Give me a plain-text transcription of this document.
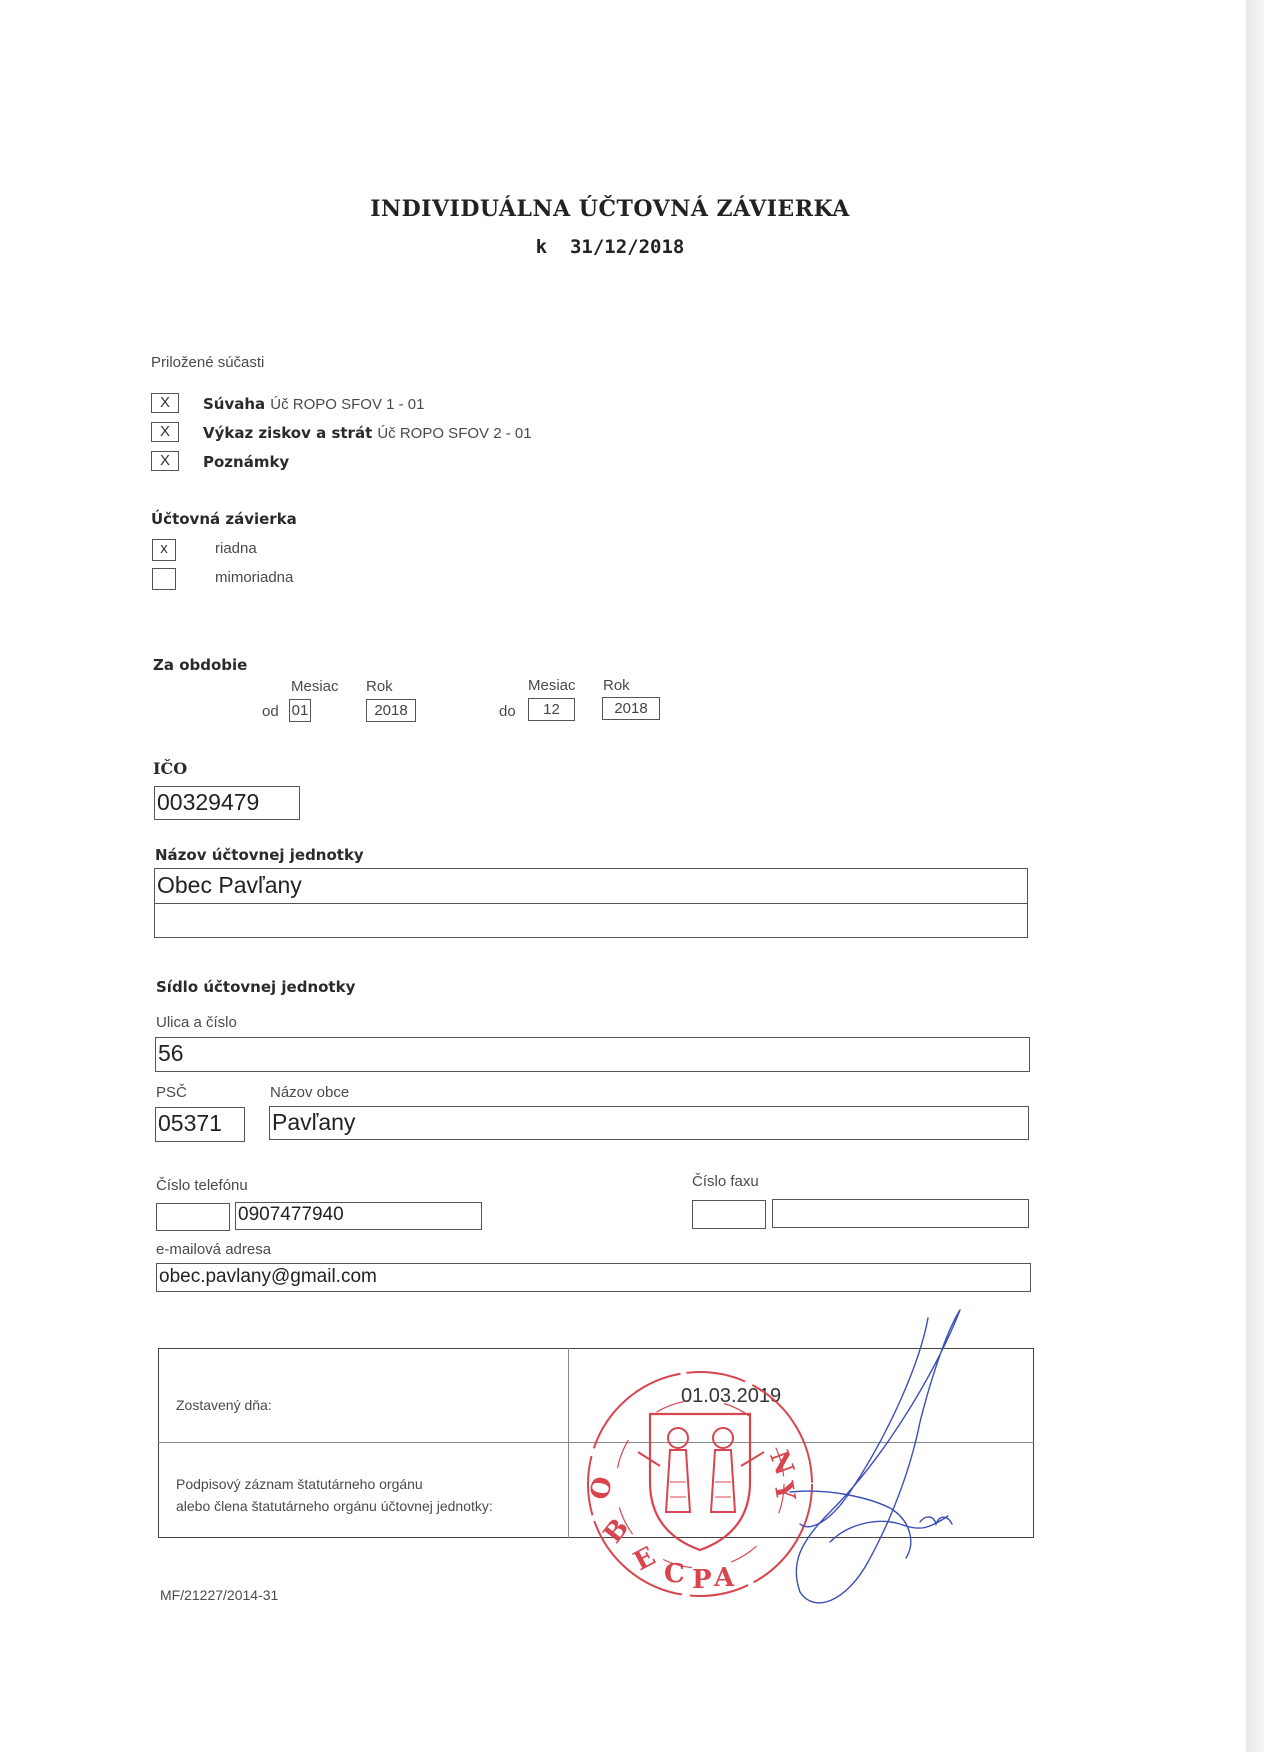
INDIVIDUÁLNA ÚČTOVNÁ ZÁVIERKA
k  31/12/2018
Priložené súčasti
X	Súvaha Úč ROPO SFOV 1 - 01
X	Výkaz ziskov a strát Úč ROPO SFOV 2 - 01
X	Poznámky
Účtovná závierka
x	riadna
mimoriadna
Za obdobie
Mesiac Rok	Mesiac Rok
od 01	2018	do	12	2018
IČO
00329479
Názov účtovnej jednotky
Obec Pavľany
Sídlo účtovnej jednotky
Ulica a číslo
56
PSČ	Názov obce
05371	Pavľany
Číslo telefónu	Číslo faxu
0907477940
e-mailová adresa
obec.pavlany@gmail.com
Zostavený dňa:
Podpisový záznam štatutárneho orgánu
alebo člena štatutárneho orgánu účtovnej jednotky:
01.03.2019
O
B
E C P A
Y
N
MF/21227/2014-31
